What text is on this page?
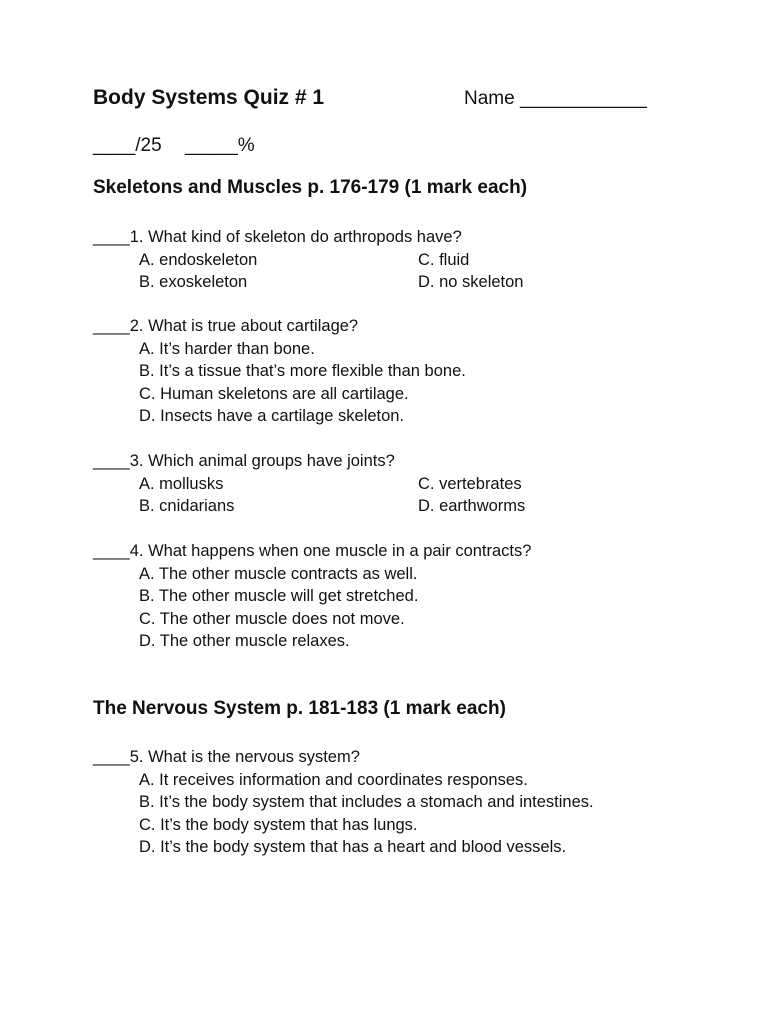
Body Systems Quiz # 1	Name ____________
____/25 _____%
Skeletons and Muscles p. 176-179 (1 mark each)
____1. What kind of skeleton do arthropods have?
A. endoskeleton	C. fluid
B. exoskeleton	D. no skeleton
____2. What is true about cartilage?
A. It’s harder than bone.
B. It’s a tissue that’s more flexible than bone.
C. Human skeletons are all cartilage.
D. Insects have a cartilage skeleton.
____3. Which animal groups have joints?
A. mollusks	C. vertebrates
B. cnidarians	D. earthworms
____4. What happens when one muscle in a pair contracts?
A. The other muscle contracts as well.
B. The other muscle will get stretched.
C. The other muscle does not move.
D. The other muscle relaxes.
The Nervous System p. 181-183 (1 mark each)
____5. What is the nervous system?
A. It receives information and coordinates responses.
B. It’s the body system that includes a stomach and intestines.
C. It’s the body system that has lungs.
D. It’s the body system that has a heart and blood vessels.
